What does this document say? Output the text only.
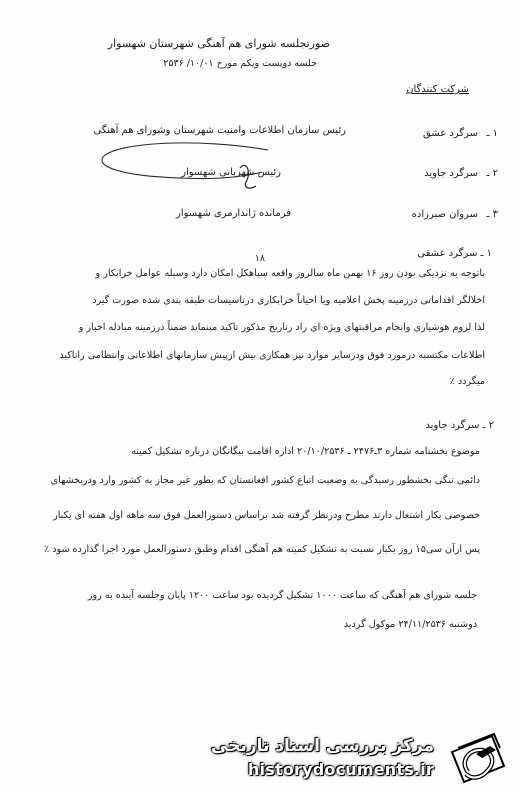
صورتجلسه شورای هم آهنگی شهرستان شهسوار
جلسه دویست ویکم مورخ ۱۰/۰۱/ ۲۵۳۶
شرکت کنندگان
۱ ـ
سرگرد عشق
رئیس سازمان اطلاعات وامنیت شهرستان وشورای هم آهنگی
۲ ـ
سرگرد جاوید
رئیس شهربانی شهسوار
۳ ـ
سروان صبرزاده
فرمانده ژاندارمری شهسوار
۱۸	۱ ـ سرگرد عشقی
باتوجه به نزدیکی بودن روز ۱۶ بهمن ماه سالروز واقعه سیاهکل امکان دارد وسیله عوامل خرابکار و
اخلالگر اقداماتی درزمینه پخش اعلامیه ویا احیاناً خرابکاری درتاسیسات طبقه بندی شده صورت گیرد
لذا لزوم هوشیاری وانجام مراقبتهای ویژه ای راد رتاریخ مذکور تاکید مینماید ضمناً درزمینه مبادله اخبار و
اطلاعات مکتسبه درمورد فوق ودرسایر موارد نیز همکاری بیش ازپیش سازمانهای اطلاعاتی وانتظامی راتاکید
میگردد ٪
۲ ـ سرگرد جاوید
موضوع بخشنامه شماره ۳ـ۲۴۷۶ ـ ۲۰/۱۰/۲۵۳۶ اداره اقامت بیگانگان درباره تشکیل کمیته
دائمی تنگی بخشطور رسیدگی به وضعیت اتباع کشور افغانستان که بطور غیر مجاز به کشور وارد ودربخشهای
خصوصی بکار اشتغال دارند مطرح ودرنظر گرفته شد براساس دستورالعمل فوق سه ماهه اول هفته ای یکبار
پس ازآن سی۱۵ روز یکبار نسبت به تشکیل کمیته هم آهنگی اقدام وطبق دستورالعمل مورد اجرا گذارده شود ٪
جلسه شورای هم آهنگی که ساعت ۱۰۰۰ تشکیل گردیده بود ساعت ۱۲۰۰ پایان وجلسه آینده به روز
دوشنبه ۲۴/۱۱/۲۵۳۶ موکول گردید
مرکز بررسی اسناد تاریخی
historydocuments.ir
